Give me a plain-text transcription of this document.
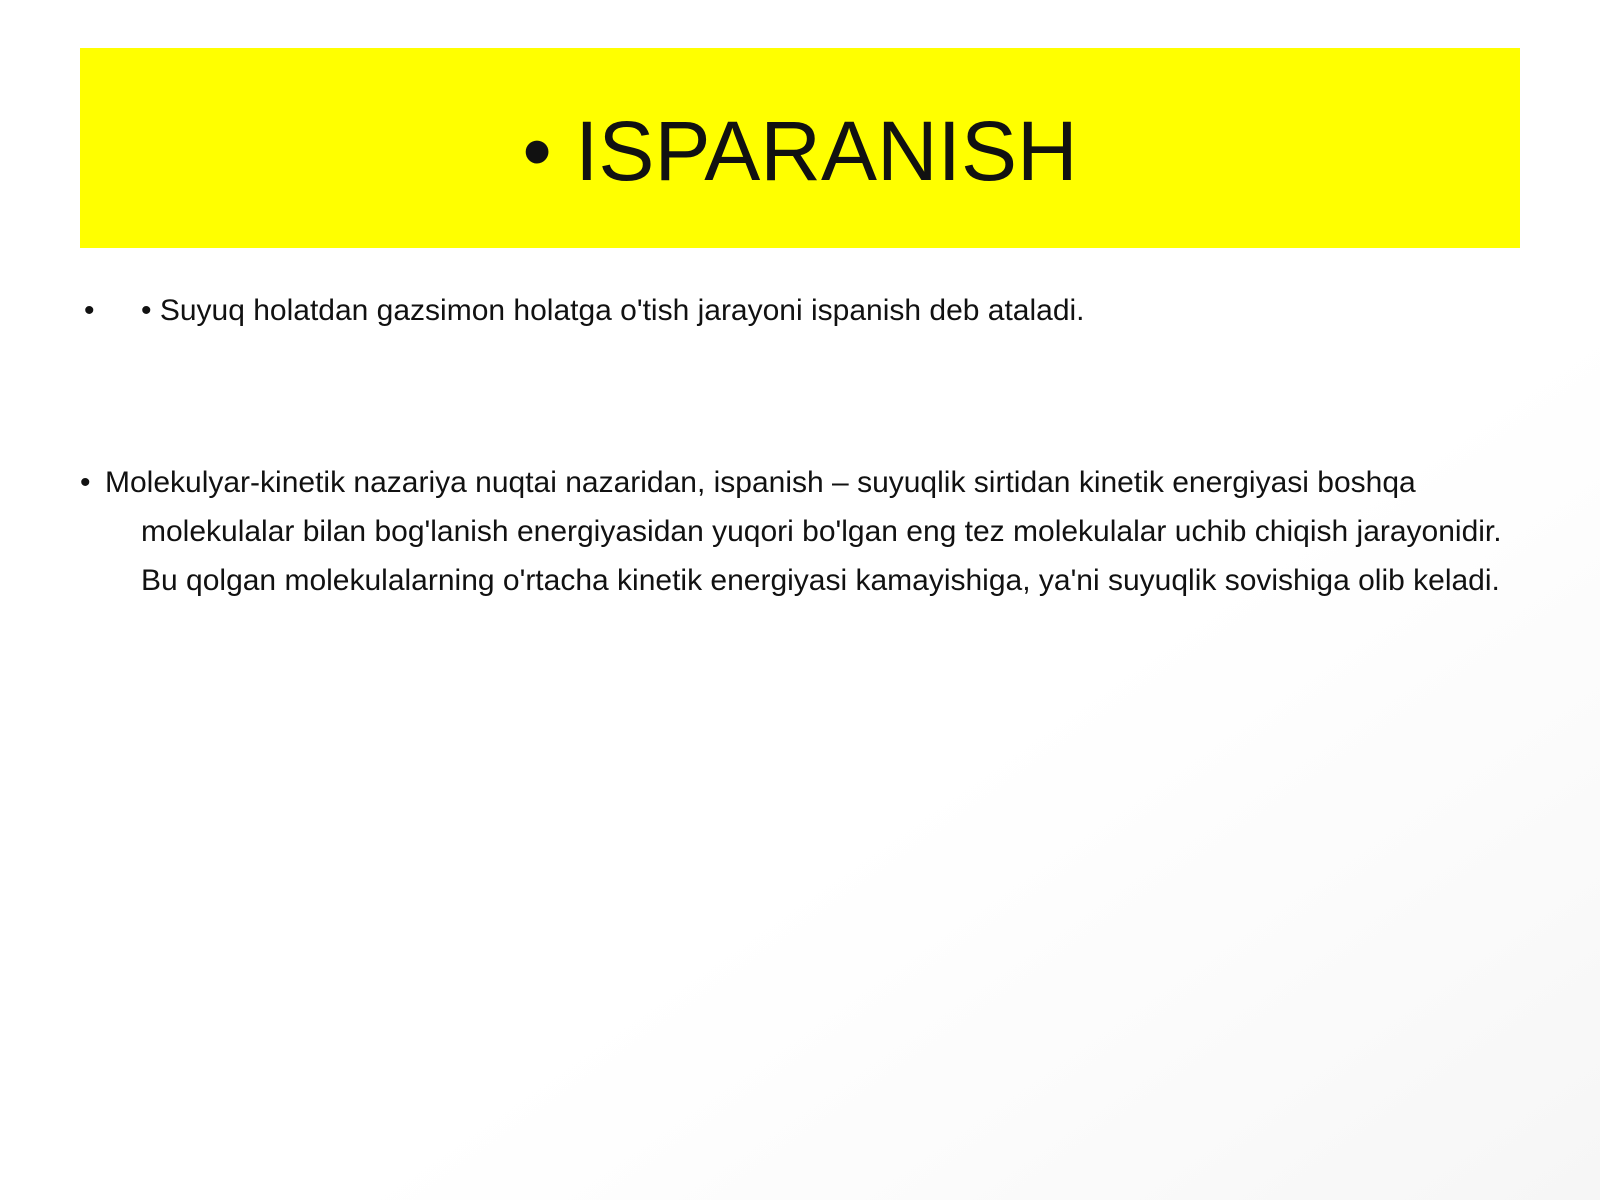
• ISPARANISH
• • Suyuq holatdan gazsimon holatga o'tish jarayoni ispanish deb ataladi.
• Molekulyar-kinetik nazariya nuqtai nazaridan, ispanish – suyuqlik sirtidan kinetik energiyasi boshqa molekulalar bilan bog'lanish energiyasidan yuqori bo'lgan eng tez molekulalar uchib chiqish jarayonidir. Bu qolgan molekulalarning o'rtacha kinetik energiyasi kamayishiga, ya'ni suyuqlik sovishiga olib keladi.
